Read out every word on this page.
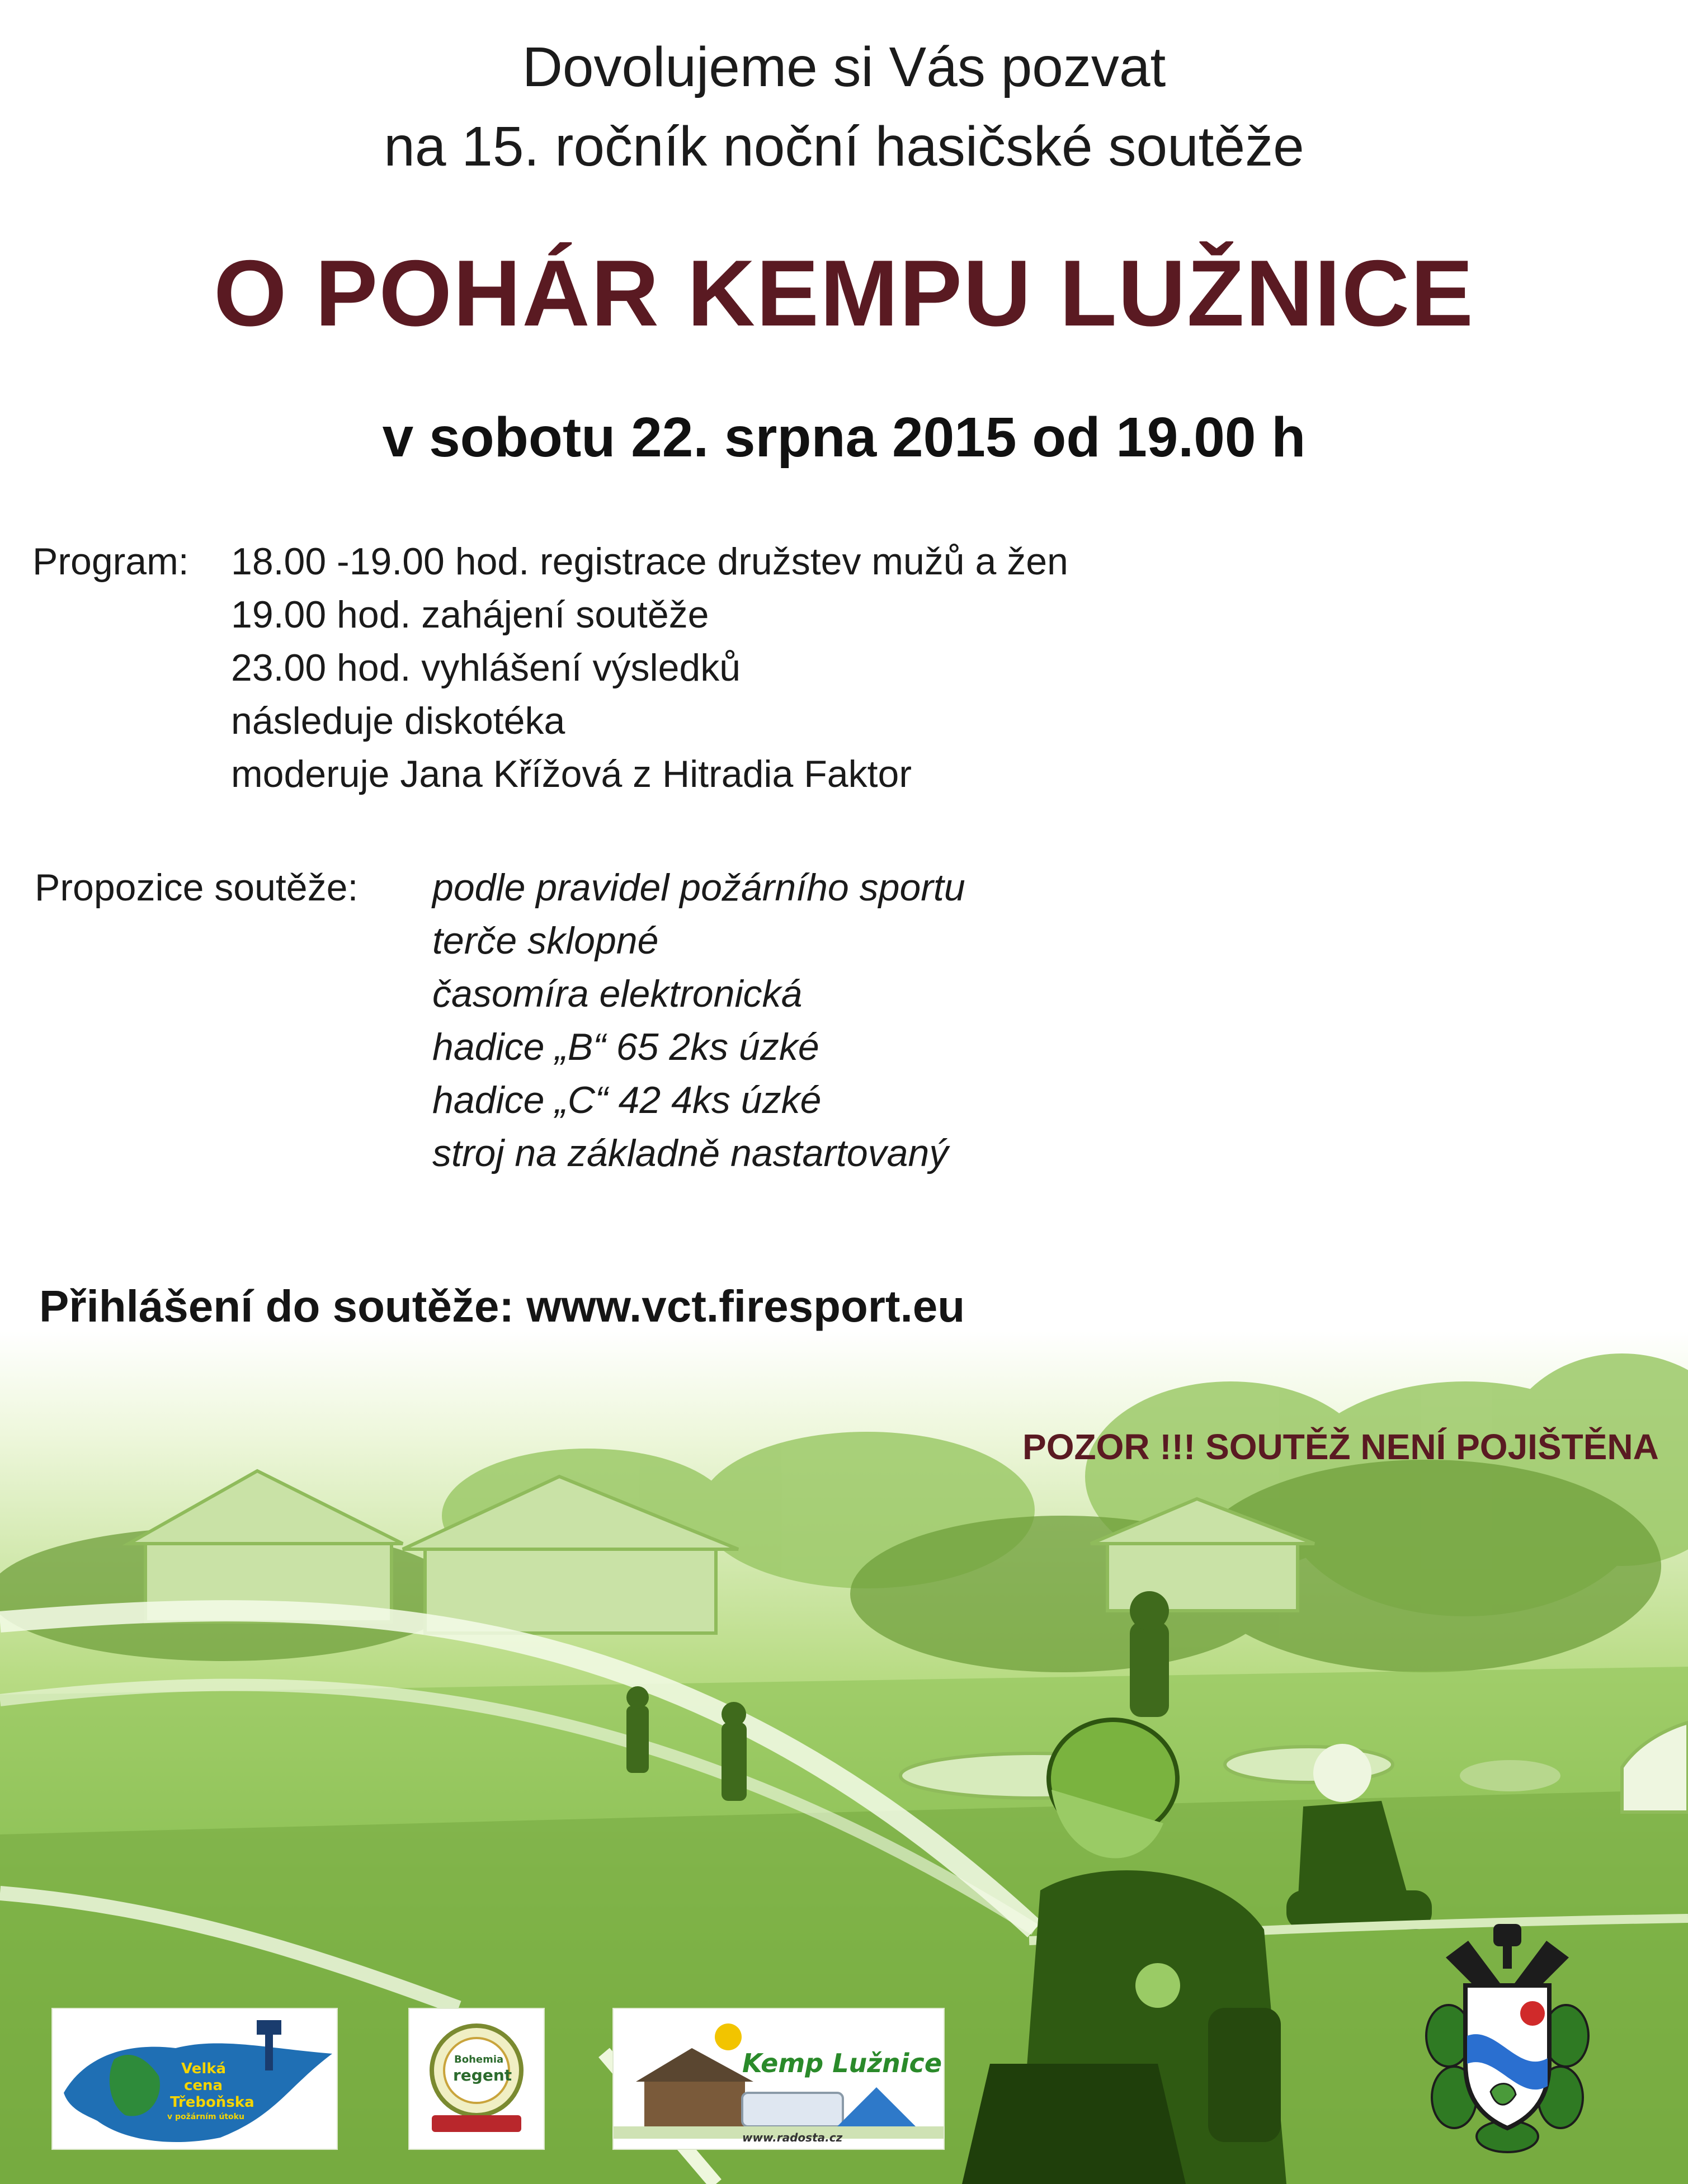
Dovolujeme si Vás pozvat
na 15. ročník noční hasičské soutěže
O POHÁR KEMPU LUŽNICE
v sobotu 22. srpna 2015 od 19.00 h
Program: 18.00 -19.00 hod. registrace družstev mužů a žen
19.00 hod. zahájení soutěže
23.00 hod. vyhlášení výsledků
následuje diskotéka
moderuje Jana Křížová z Hitradia Faktor
Propozice soutěže: podle pravidel požárního sportu
terče sklopné
časomíra elektronická
hadice „B“ 65 2ks úzké
hadice „C“ 42 4ks úzké
stroj na základně nastartovaný
Přihlášení do soutěže: www.vct.firesport.eu
Velká
cena
Třeboňska
v požárním útoku
Bohemia
regent	Kemp Lužnice
www.radosta.cz
POZOR !!! SOUTĚŽ NENÍ POJIŠTĚNA
